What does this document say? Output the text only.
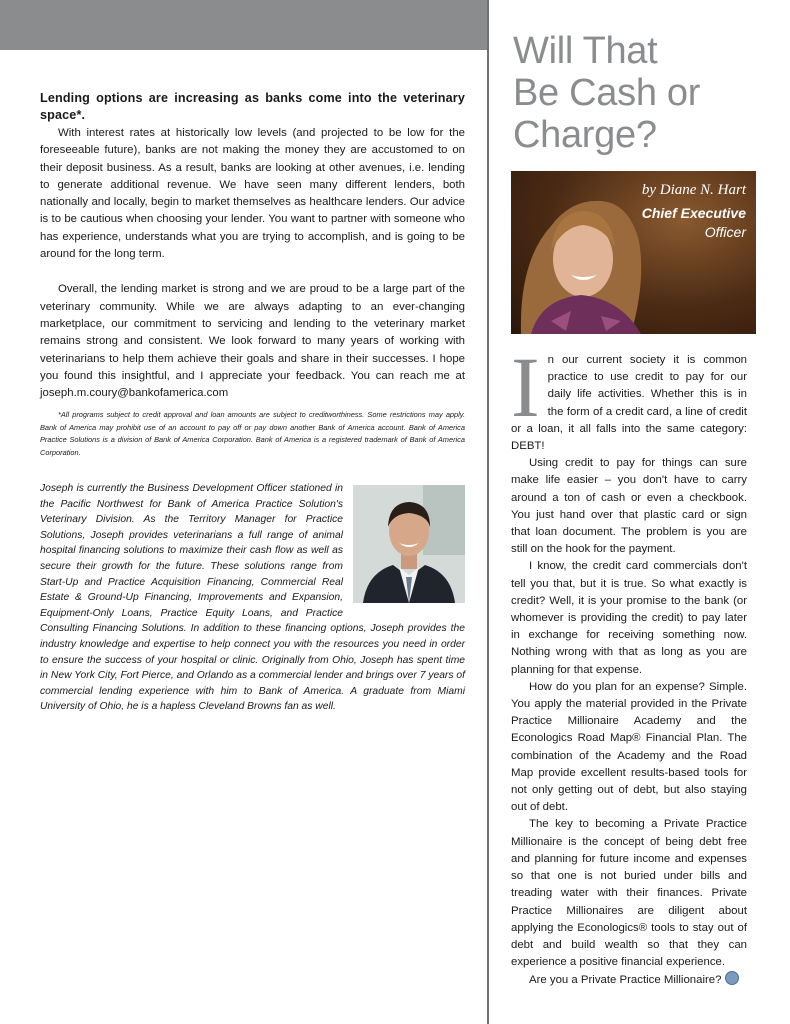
Lending options are increasing as banks come into the veterinary space*.

With interest rates at historically low levels (and projected to be low for the foreseeable future), banks are not making the money they are accustomed to on their deposit business. As a result, banks are looking at other avenues, i.e. lending to generate additional revenue. We have seen many different lenders, both nationally and locally, begin to market themselves as healthcare lenders. Our advice is to be cautious when choosing your lender. You want to partner with someone who has experience, understands what you are trying to accomplish, and is going to be around for the long term.

Overall, the lending market is strong and we are proud to be a large part of the veterinary community. While we are always adapting to an ever-changing marketplace, our commitment to servicing and lending to the veterinary market remains strong and consistent. We look forward to many years of working with veterinarians to help them achieve their goals and share in their successes. I hope you found this insightful, and I appreciate your feedback. You can reach me at joseph.m.coury@bankofamerica.com

*All programs subject to credit approval and loan amounts are subject to creditworthiness. Some restrictions may apply. Bank of America may prohibit use of an account to pay off or pay down another Bank of America account. Bank of America Practice Solutions is a division of Bank of America Corporation. Bank of America is a registered trademark of Bank of America Corporation.

Joseph is currently the Business Development Officer stationed in the Pacific Northwest for Bank of America Practice Solution's Veterinary Division. As the Territory Manager for Practice Solutions, Joseph provides veterinarians a full range of animal hospital financing solutions to maximize their cash flow as well as secure their growth for the future. These solutions range from Start-Up and Practice Acquisition Financing, Commercial Real Estate & Ground-Up Financing, Improvements and Expansion, Equipment-Only Loans, Practice Equity Loans, and Practice Consulting Financing Solutions. In addition to these financing options, Joseph provides the industry knowledge and expertise to help connect you with the resources you need in order to ensure the success of your hospital or clinic. Originally from Ohio, Joseph has spent time in New York City, Fort Pierce, and Orlando as a commercial lender and brings over 7 years of commercial lending experience with him to Bank of America. A graduate from Miami University of Ohio, he is a hapless Cleveland Browns fan as well.

Will That
Be Cash or
Charge?
by Diane N. Hart
Chief Executive
Officer

In our current society it is common practice to use credit to pay for our daily life activities. Whether this is in the form of a credit card, a line of credit or a loan, it all falls into the same category: DEBT!

Using credit to pay for things can sure make life easier – you don't have to carry around a ton of cash or even a checkbook. You just hand over that plastic card or sign that loan document. The problem is you are still on the hook for the payment.

I know, the credit card commercials don't tell you that, but it is true. So what exactly is credit? Well, it is your promise to the bank (or whomever is providing the credit) to pay later in exchange for receiving something now. Nothing wrong with that as long as you are planning for that expense.

How do you plan for an expense? Simple. You apply the material provided in the Private Practice Millionaire Academy and the Econologics Road Map® Financial Plan. The combination of the Academy and the Road Map provide excellent results-based tools for not only getting out of debt, but also staying out of debt.

The key to becoming a Private Practice Millionaire is the concept of being debt free and planning for future income and expenses so that one is not buried under bills and treading water with their finances. Private Practice Millionaires are diligent about applying the Econologics® tools to stay out of debt and build wealth so that they can experience a positive financial experience.

Are you a Private Practice Millionaire?
